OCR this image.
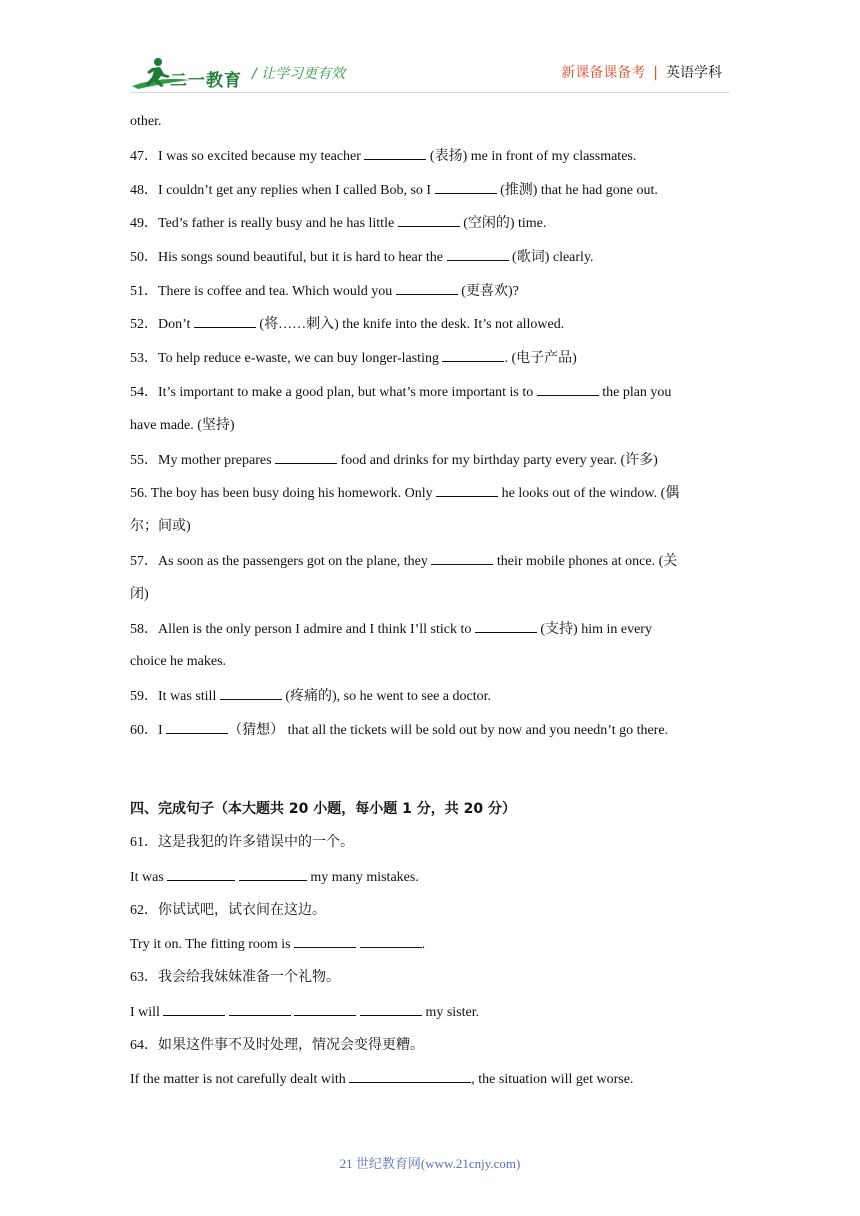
二一教育 / 让学习更有效	新课备课备考 | 英语学科
other.
47．I was so excited because my teacher	(表扬) me in front of my classmates.
48．I couldn’t get any replies when I called Bob, so I	(推测) that he had gone out.
49．Ted’s father is really busy and he has little	(空闲的) time.
50．His songs sound beautiful, but it is hard to hear the	(歌词) clearly.
51．There is coffee and tea. Which would you	(更喜欢)?
52．Don’t	(将……刺入) the knife into the desk. It’s not allowed.
53．To help reduce e-waste, we can buy longer-lasting	. (电子产品)
54．It’s important to make a good plan, but what’s more important is to	the plan you
have made. (坚持)
55．My mother prepares	food and drinks for my birthday party every year. (许多)
56. The boy has been busy doing his homework. Only	he looks out of the window. (偶
尔；间或)
57．As soon as the passengers got on the plane, they	their mobile phones at once. (关
闭)
58．Allen is the only person I admire and I think I’ll stick to	(支持) him in every
choice he makes.
59．It was still	(疼痛的), so he went to see a doctor.
60．I	（猜想） that all the tickets will be sold out by now and you needn’t go there.
四、完成句子（本大题共 20 小题，每小题 1 分，共 20 分）
61．这是我犯的许多错误中的一个。
It was	my many mistakes.
62．你试试吧，试衣间在这边。
Try it on. The fitting room is	.
63．我会给我妹妹准备一个礼物。
I will	my sister.
64．如果这件事不及时处理，情况会变得更糟。
If the matter is not carefully dealt with	, the situation will get worse.
21 世纪教育网(www.21cnjy.com)
